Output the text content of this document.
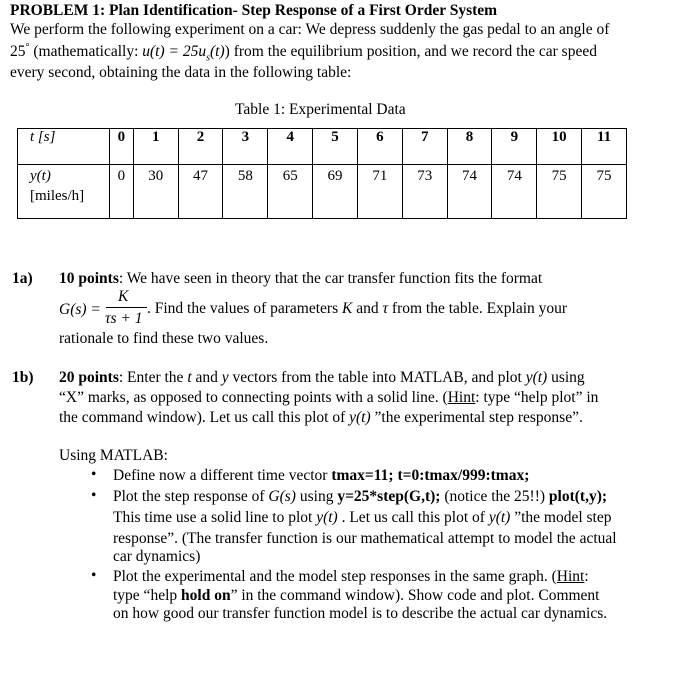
PROBLEM 1: Plan Identification- Step Response of a First Order System
We perform the following experiment on a car: We depress suddenly the gas pedal to an angle of
25° (mathematically: $u(t) = 25u_s(t)$) from the equilibrium position, and we record the car speed
every second, obtaining the data in the following table:
Table 1: Experimental Data
t [s]	0	1	2	3	4	5	6	7	8	9	10	11

y(t)
[miles/h]	0	30	47	58	65	69	71	73	74	74	75	75
1a) 10 points: We have seen in theory that the car transfer function fits the format
G(s) =
K
τs + 1
. Find the values of parameters K and τ from the table. Explain your
rationale to find these two values.
1b) 20 points: Enter the t and y vectors from the table into MATLAB, and plot y(t) using
“X” marks, as opposed to connecting points with a solid line. (Hint: type “help plot” in
the command window). Let us call this plot of y(t) ”the experimental step response”.
Using MATLAB:
• Define now a different time vector tmax=11; t=0:tmax/999:tmax;
• Plot the step response of G(s) using y=25*step(G,t); (notice the 25!!) plot(t,y);
This time use a solid line to plot y(t) . Let us call this plot of y(t) ”the model step
response”. (The transfer function is our mathematical attempt to model the actual
car dynamics)
• Plot the experimental and the model step responses in the same graph. (Hint:
type “help hold on” in the command window). Show code and plot. Comment
on how good our transfer function model is to describe the actual car dynamics.
